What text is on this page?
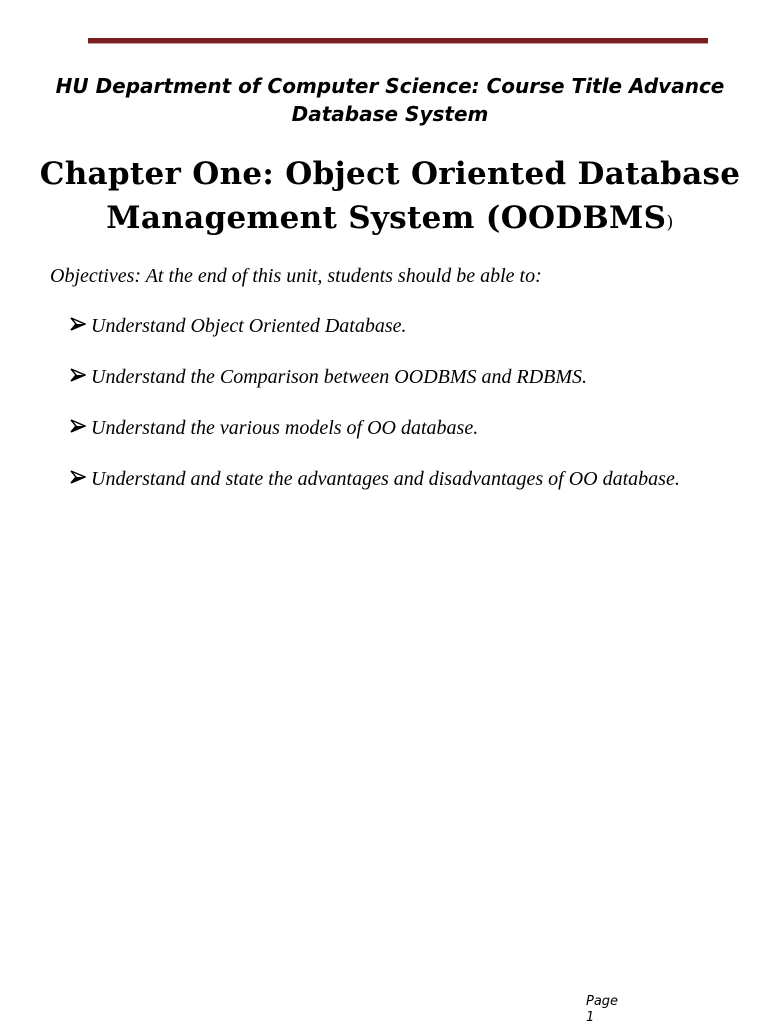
HU Department of Computer Science: Course Title Advance Database System
Chapter One: Object Oriented Database Management System (OODBMS)
Objectives: At the end of this unit, students should be able to:
Understand Object Oriented Database.
Understand the Comparison between OODBMS and RDBMS.
Understand the various models of OO database.
Understand and state the advantages and disadvantages of OO database.
Page
1
